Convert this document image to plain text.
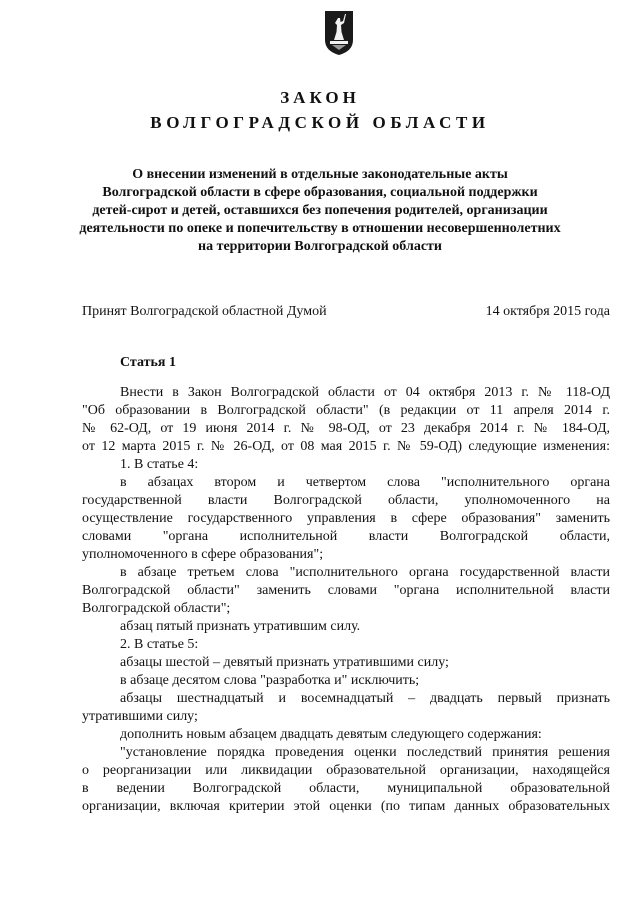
ЗАКОН
ВОЛГОГРАДСКОЙ ОБЛАСТИ
О внесении изменений в отдельные законодательные акты
Волгоградской области в сфере образования, социальной поддержки
детей-сирот и детей, оставшихся без попечения родителей, организации
деятельности по опеке и попечительству в отношении несовершеннолетних
на территории Волгоградской области
Принят Волгоградской областной Думой	14 октября 2015 года
Статья 1
Внести в Закон Волгоградской области от 04 октября 2013 г. № 118-ОД
"Об образовании в Волгоградской области" (в редакции от 11 апреля 2014 г.
№ 62-ОД, от 19 июня 2014 г. № 98-ОД, от 23 декабря 2014 г. № 184-ОД,
от 12 марта 2015 г. № 26-ОД, от 08 мая 2015 г. № 59-ОД) следующие изменения:
1. В статье 4:
в абзацах втором и четвертом слова "исполнительного органа
государственной власти Волгоградской области, уполномоченного на
осуществление государственного управления в сфере образования" заменить
словами "органа исполнительной власти Волгоградской области,
уполномоченного в сфере образования";
в абзаце третьем слова "исполнительного органа государственной власти
Волгоградской области" заменить словами "органа исполнительной власти
Волгоградской области";
абзац пятый признать утратившим силу.
2. В статье 5:
абзацы шестой – девятый признать утратившими силу;
в абзаце десятом слова "разработка и" исключить;
абзацы шестнадцатый и восемнадцатый – двадцать первый признать
утратившими силу;
дополнить новым абзацем двадцать девятым следующего содержания:
"установление порядка проведения оценки последствий принятия решения
о реорганизации или ликвидации образовательной организации, находящейся
в ведении Волгоградской области, муниципальной образовательной
организации, включая критерии этой оценки (по типам данных образовательных
